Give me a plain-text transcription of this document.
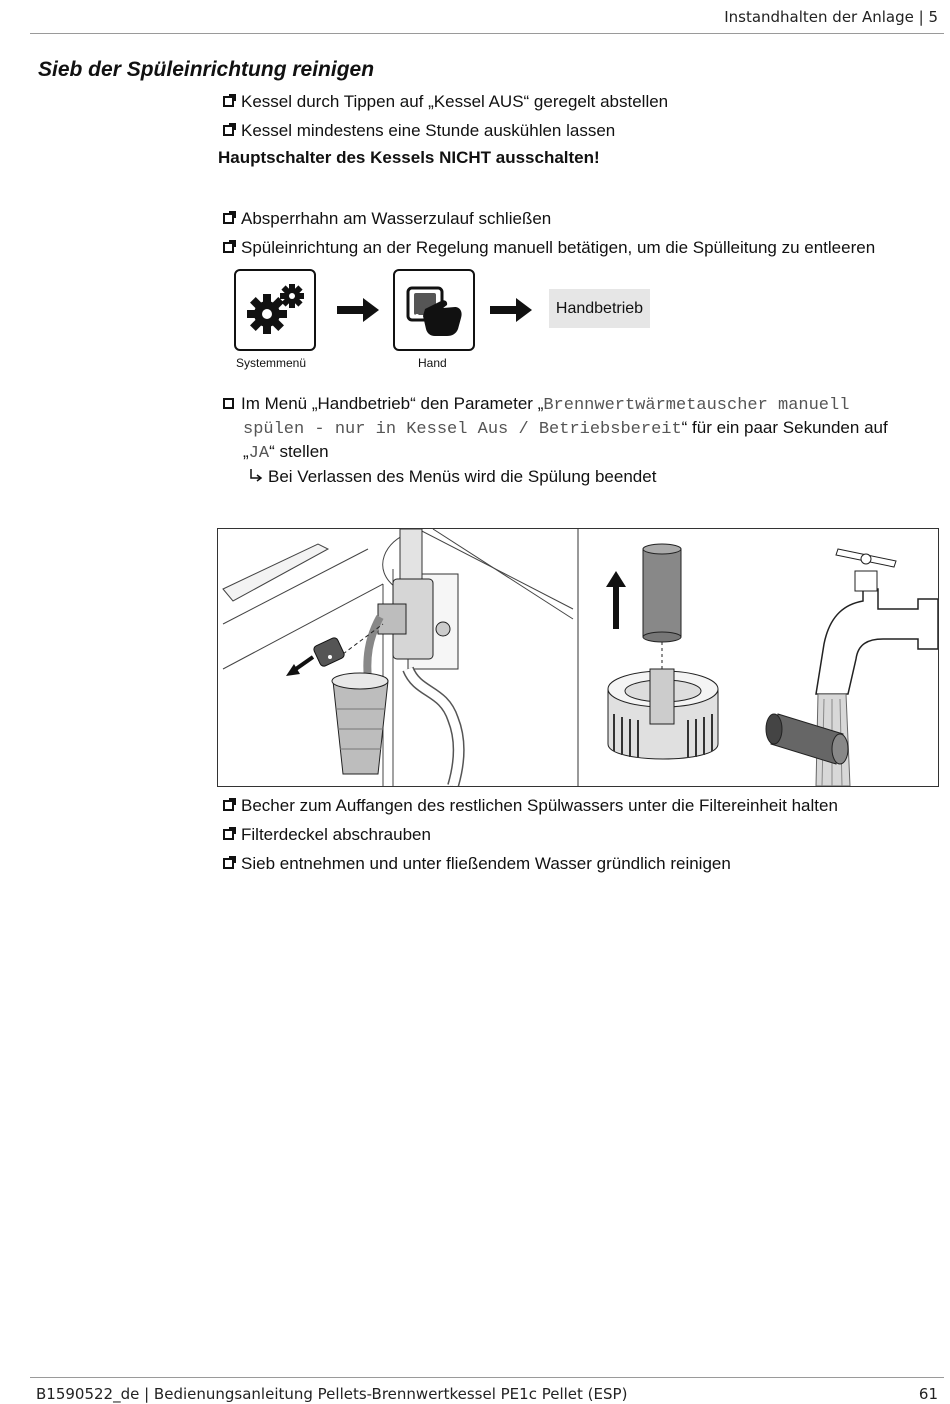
Instandhalten der Anlage | 5
Sieb der Spüleinrichtung reinigen
Kessel durch Tippen auf „Kessel AUS“ geregelt abstellen
Kessel mindestens eine Stunde auskühlen lassen
Hauptschalter des Kessels NICHT ausschalten!
Absperrhahn am Wasserzulauf schließen
Spüleinrichtung an der Regelung manuell betätigen, um die Spülleitung zu entleeren
Systemmenü	Hand
Handbetrieb
Im Menü „Handbetrieb“ den Parameter „Brennwertwärmetauscher manuell
spülen - nur in Kessel Aus / Betriebsbereit“ für ein paar Sekunden auf
„JA“ stellen
Bei Verlassen des Menüs wird die Spülung beendet
Becher zum Auffangen des restlichen Spülwassers unter die Filtereinheit halten
Filterdeckel abschrauben
Sieb entnehmen und unter fließendem Wasser gründlich reinigen
B1590522_de | Bedienungsanleitung Pellets-Brennwertkessel PE1c Pellet (ESP)	61
